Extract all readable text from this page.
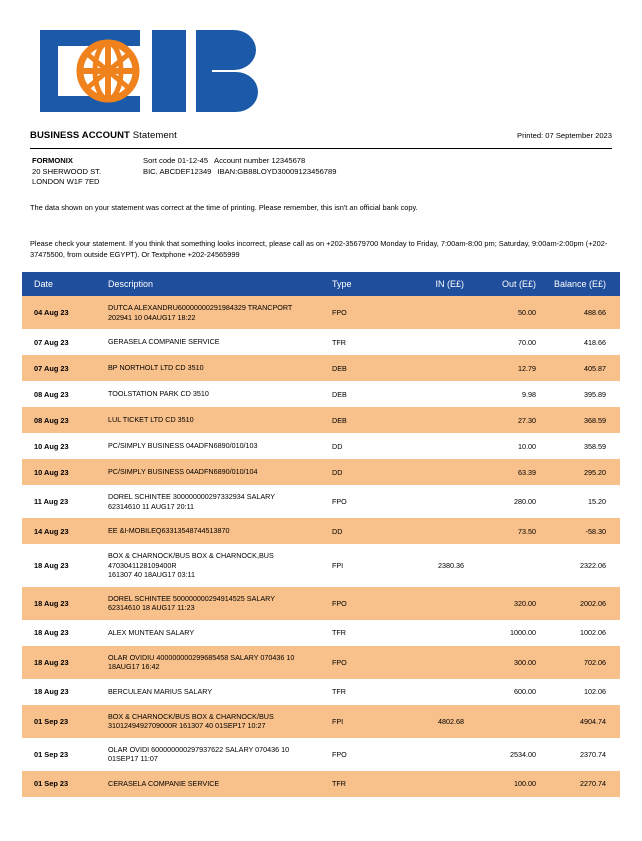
BUSINESS ACCOUNT Statement	Printed: 07 September 2023
FORMONIX
20 SHERWOOD ST.
LONDON W1F 7ED
Sort code 01-12-45 Account number 12345678
BIC. ABCDEF12349 IBAN:GB88LOYD30009123456789
The data shown on your statement was correct at the time of printing. Please remember, this isn't an official bank copy.
Please check your statement. If you think that something looks incorrect, please call as on +202-35679700 Monday to Friday, 7:00am-8:00 pm; Saturday, 9:00am-2:00pm (+202-37475500, from outside EGYPT). Or Textphone +202-24565999
Date	Description	Type	IN (E£)	Out (E£)	Balance (E£)
04 Aug 23	DUTCA ALEXANDRU60000000291984329 TRANCPORT
202941 10 04AUG17 18:22	FPO		50.00	488.66
07 Aug 23	GERASELA COMPANIE SERVICE	TFR		70.00	418.66
07 Aug 23	BP NORTHOLT LTD CD 3510	DEB		12.79	405.87
08 Aug 23	TOOLSTATION PARK CD 3510	DEB		9.98	395.89
08 Aug 23	LUL TICKET LTD CD 3510	DEB		27.30	368.59
10 Aug 23	PC/SIMPLY BUSINESS 04ADFN6890/010/103	DD		10.00	358.59
10 Aug 23	PC/SIMPLY BUSINESS 04ADFN6890/010/104	DD		63.39	295.20
11 Aug 23	DOREL SCHINTEE 300000000297332934 SALARY
62314610 11 AUG17 20:11	FPO		280.00	15.20
14 Aug 23	EE &I-MOBILEQ63313548744513870	DD		73.50	-58.30
18 Aug 23	BOX & CHARNOCK/BUS BOX & CHARNOCK,BUS 4703041128109400R
161307 40 18AUG17 03:11	FPI	2380.36		2322.06
18 Aug 23	DOREL SCHINTEE 500000000294914525 SALARY
62314610 18 AUG17 11:23	FPO		320.00	2002.06
18 Aug 23	ALEX MUNTEAN SALARY	TFR		1000.00	1002.06
18 Aug 23	OLAR OVIDIU 400000000299685458 SALARY 070436 10
18AUG17 16:42	FPO		300.00	702.06
18 Aug 23	BERCULEAN MARIUS SALARY	TFR		600.00	102.06
01 Sep 23	BOX & CHARNOCK/BUS BOX & CHARNOCK/BUS
3101249492709000R 161307 40 01SEP17 10:27	FPI	4802.68		4904.74
01 Sep 23	OLAR OVIDI 600000000297937622 SALARY 070436 10
01SEP17 11:07	FPO		2534.00	2370.74
01 Sep 23	CERASELA COMPANIE SERVICE	TFR		100.00	2270.74
